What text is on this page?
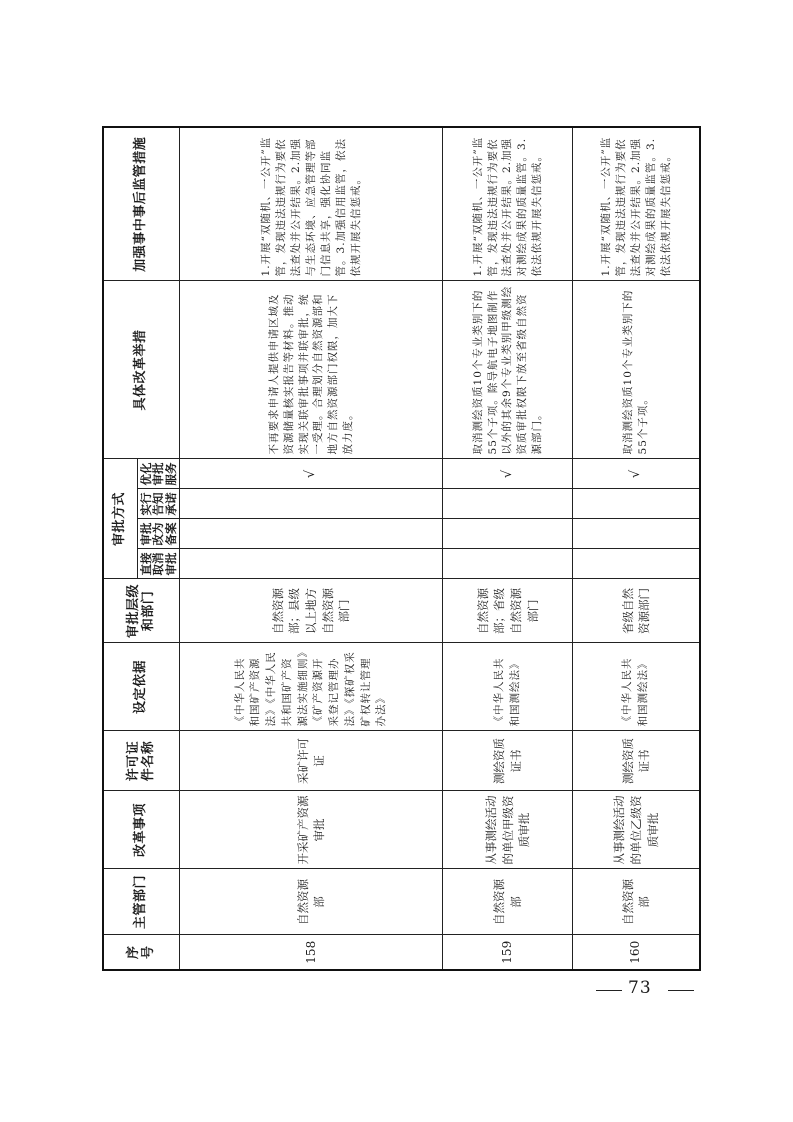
序号	主管部门	改革事项	许可证件名称	设定依据	审批层级和部门	审批方式				具体改革举措	加强事中事后监管措施
						直接取消审批	审批改为备案	实行告知承诺	优化审批服务		
158	自然资源部	开采矿产资源审批	采矿许可证	《中华人民共和国矿产资源法》《中华人民共和国矿产资源法实施细则》《矿产资源开采登记管理办法》《探矿权采矿权转让管理办法》	自然资源部；县级以上地方自然资源部门				√	不再要求申请人提供申请区域及资源储量核实报告等材料。推动实现关联审批事项并联审批，统一受理。合理划分自然资源部和地方自然资源部门权限，加大下放力度。	1.开展“双随机、一公开”监管，发现违法违规行为要依法查处并公开结果。2.加强与生态环境、应急管理等部门信息共享，强化协同监管。3.加强信用监管，依法依规开展失信惩戒。
159	自然资源部	从事测绘活动的单位甲级资质审批	测绘资质证书	《中华人民共和国测绘法》	自然资源部；省级自然资源部门				√	取消测绘资质10个专业类别下的55个子项。除导航电子地图制作以外的其余9个专业类别甲级测绘资质审批权限下放至省级自然资源部门。	1.开展“双随机、一公开”监管，发现违法违规行为要依法查处并公开结果。2.加强对测绘成果的质量监管。3.依法依规开展失信惩戒。
160	自然资源部	从事测绘活动的单位乙级资质审批	测绘资质证书	《中华人民共和国测绘法》	省级自然资源部门				√	取消测绘资质10个专业类别下的55个子项。	1.开展“双随机、一公开”监管，发现违法违规行为要依法查处并公开结果。2.加强对测绘成果的质量监管。3.依法依规开展失信惩戒。
73
